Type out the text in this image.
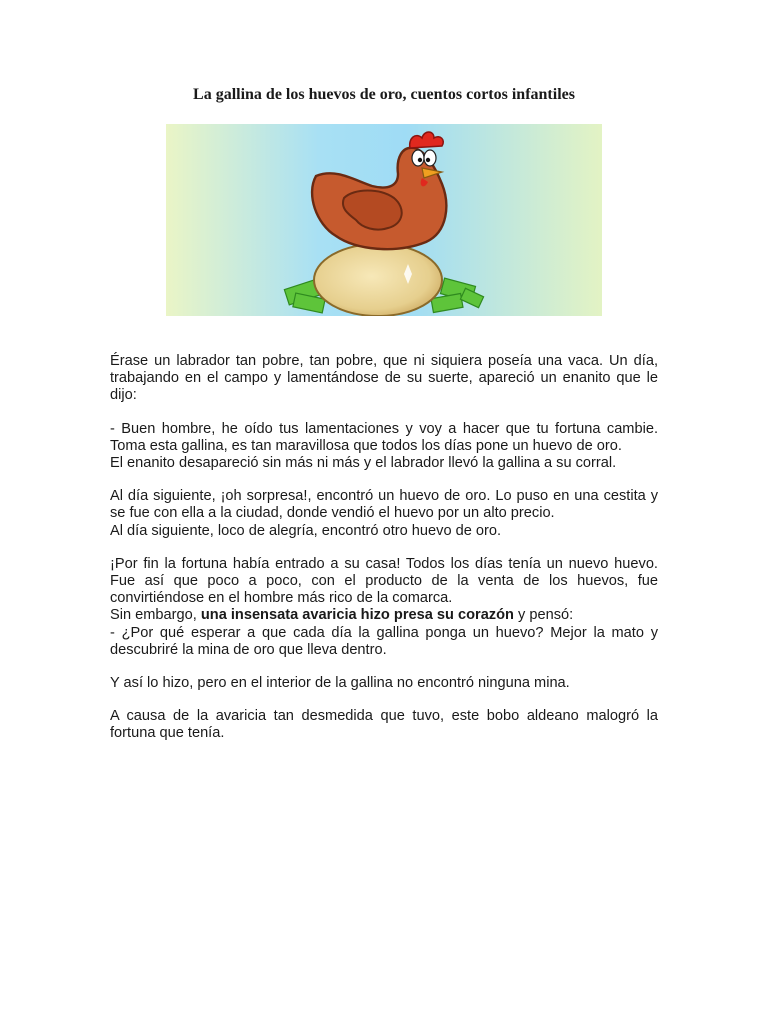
La gallina de los huevos de oro, cuentos cortos infantiles

Érase un labrador tan pobre, tan pobre, que ni siquiera poseía una vaca. Un día, trabajando en el campo y lamentándose de su suerte, apareció un enanito que le dijo:

- Buen hombre, he oído tus lamentaciones y voy a hacer que tu fortuna cambie. Toma esta gallina, es tan maravillosa que todos los días pone un huevo de oro.
El enanito desapareció sin más ni más y el labrador llevó la gallina a su corral.

Al día siguiente, ¡oh sorpresa!, encontró un huevo de oro. Lo puso en una cestita y se fue con ella a la ciudad, donde vendió el huevo por un alto precio.
Al día siguiente, loco de alegría, encontró otro huevo de oro.

¡Por fin la fortuna había entrado a su casa! Todos los días tenía un nuevo huevo. Fue así que poco a poco, con el producto de la venta de los huevos, fue convirtiéndose en el hombre más rico de la comarca.
Sin embargo, una insensata avaricia hizo presa su corazón y pensó:
- ¿Por qué esperar a que cada día la gallina ponga un huevo? Mejor la mato y descubriré la mina de oro que lleva dentro.

Y así lo hizo, pero en el interior de la gallina no encontró ninguna mina.

A causa de la avaricia tan desmedida que tuvo, este bobo aldeano malogró la fortuna que tenía.
